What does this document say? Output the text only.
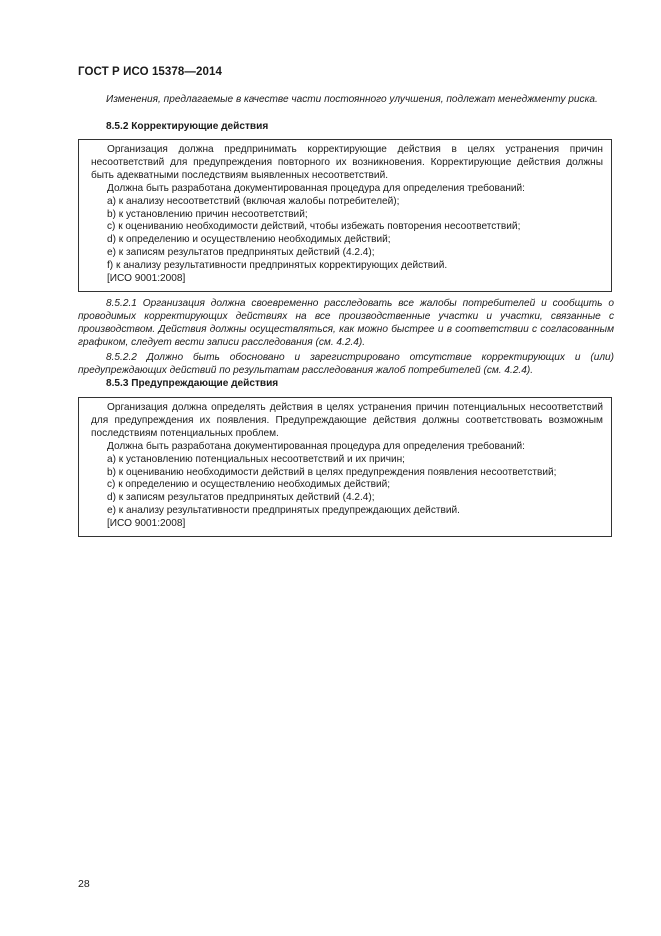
ГОСТ Р ИСО 15378—2014

Изменения, предлагаемые в качестве части постоянного улучшения, подлежат менеджменту риска.

8.5.2 Корректирующие действия

Организация должна предпринимать корректирующие действия в целях устранения причин несоответствий для предупреждения повторного их возникновения. Корректирующие действия должны быть адекватными последствиям выявленных несоответствий.

Должна быть разработана документированная процедура для определения требований:

a) к анализу несоответствий (включая жалобы потребителей);

b) к установлению причин несоответствий;

c) к оцениванию необходимости действий, чтобы избежать повторения несоответствий;

d) к определению и осуществлению необходимых действий;

e) к записям результатов предпринятых действий (4.2.4);

f) к анализу результативности предпринятых корректирующих действий.

[ИСО 9001:2008]

8.5.2.1 Организация должна своевременно расследовать все жалобы потребителей и сообщить о проводимых корректирующих действиях на все производственные участки и участки, связанные с производством. Действия должны осуществляться, как можно быстрее и в соответствии с согласованным графиком, следует вести записи расследования (см. 4.2.4).

8.5.2.2 Должно быть обосновано и зарегистрировано отсутствие корректирующих и (или) предупреждающих действий по результатам расследования жалоб потребителей (см. 4.2.4).

8.5.3 Предупреждающие действия

Организация должна определять действия в целях устранения причин потенциальных несоответствий для предупреждения их появления. Предупреждающие действия должны соответствовать возможным последствиям потенциальных проблем.

Должна быть разработана документированная процедура для определения требований:

a) к установлению потенциальных несоответствий и их причин;

b) к оцениванию необходимости действий в целях предупреждения появления несоответствий;

c) к определению и осуществлению необходимых действий;

d) к записям результатов предпринятых действий (4.2.4);

e) к анализу результативности предпринятых предупреждающих действий.

[ИСО 9001:2008]

28
